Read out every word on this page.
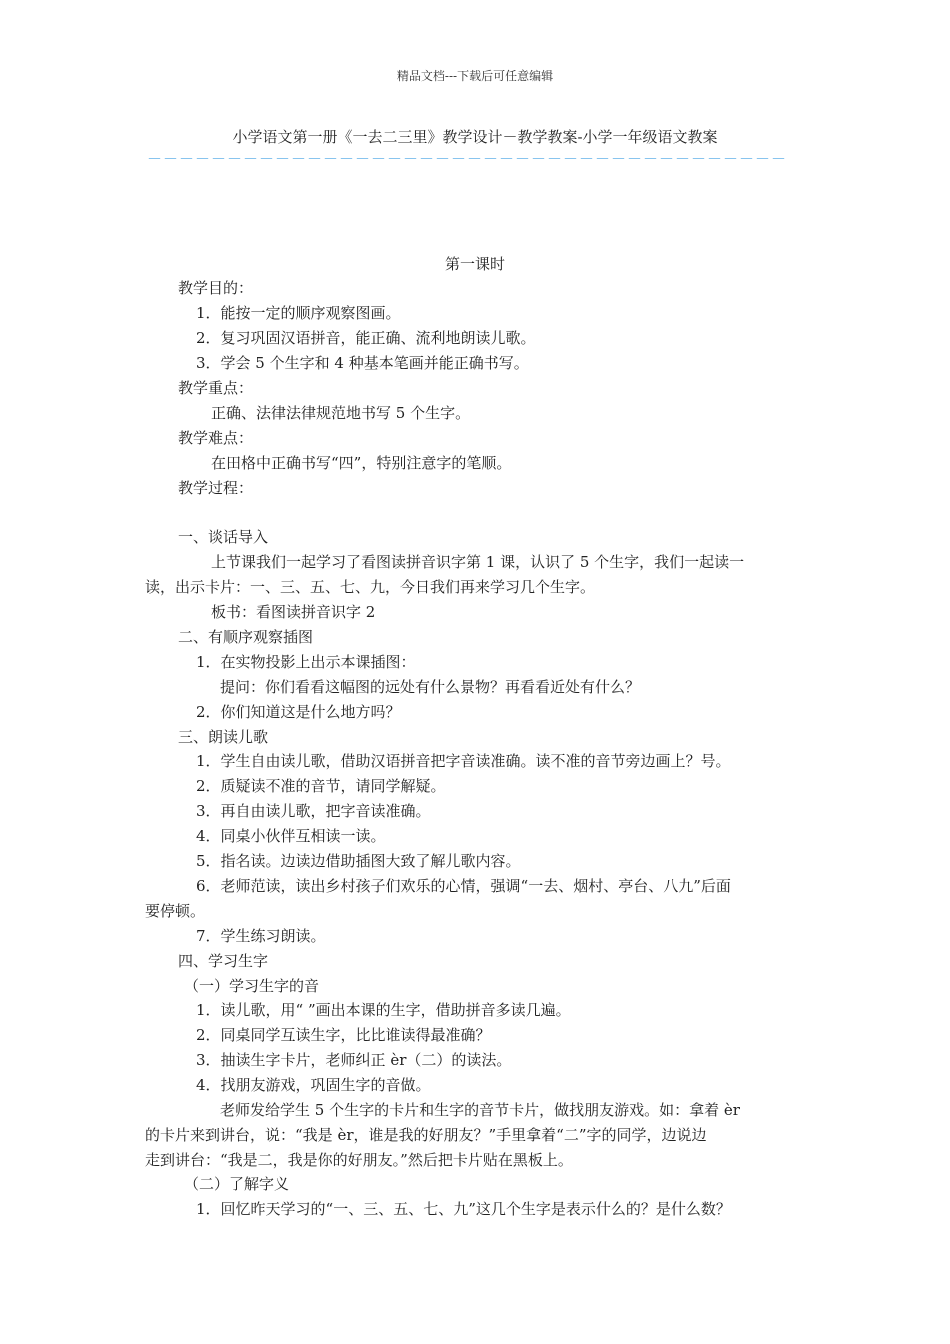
精品文档---下载后可任意编辑
小学语文第一册《一去二三里》教学设计－教学教案-小学一年级语文教案
－－－－－－－－－－－－－－－－－－－－－－－－－－－－－－－－－－－－－－－－
第一课时
教学目的：
1．能按一定的顺序观察图画。
2．复习巩固汉语拼音，能正确、流利地朗读儿歌。
3．学会 5 个生字和 4 种基本笔画并能正确书写。
教学重点：
正确、法律法律规范地书写 5 个生字。
教学难点：
在田格中正确书写“四”，特别注意字的笔顺。
教学过程：
一、谈话导入
上节课我们一起学习了看图读拼音识字第 1 课，认识了 5 个生字，我们一起读一
读，出示卡片：一、三、五、七、九，今日我们再来学习几个生字。
板书：看图读拼音识字 2
二、有顺序观察插图
1．在实物投影上出示本课插图：
提问：你们看看这幅图的远处有什么景物？再看看近处有什么？
2．你们知道这是什么地方吗？
三、朗读儿歌
1．学生自由读儿歌，借助汉语拼音把字音读准确。读不准的音节旁边画上？号。
2．质疑读不准的音节，请同学解疑。
3．再自由读儿歌，把字音读准确。
4．同桌小伙伴互相读一读。
5．指名读。边读边借助插图大致了解儿歌内容。
6．老师范读，读出乡村孩子们欢乐的心情，强调“一去、烟村、亭台、八九”后面
要停顿。
7．学生练习朗读。
四、学习生字
（一）学习生字的音
1．读儿歌，用“ ”画出本课的生字，借助拼音多读几遍。
2．同桌同学互读生字，比比谁读得最准确？
3．抽读生字卡片，老师纠正 èr（二）的读法。
4．找朋友游戏，巩固生字的音做。
老师发给学生 5 个生字的卡片和生字的音节卡片，做找朋友游戏。如：拿着 èr
的卡片来到讲台，说：“我是 èr，谁是我的好朋友？”手里拿着“二”字的同学，边说边
走到讲台：“我是二，我是你的好朋友。”然后把卡片贴在黑板上。
（二）了解字义
1．回忆昨天学习的“一、三、五、七、九”这几个生字是表示什么的？是什么数？
